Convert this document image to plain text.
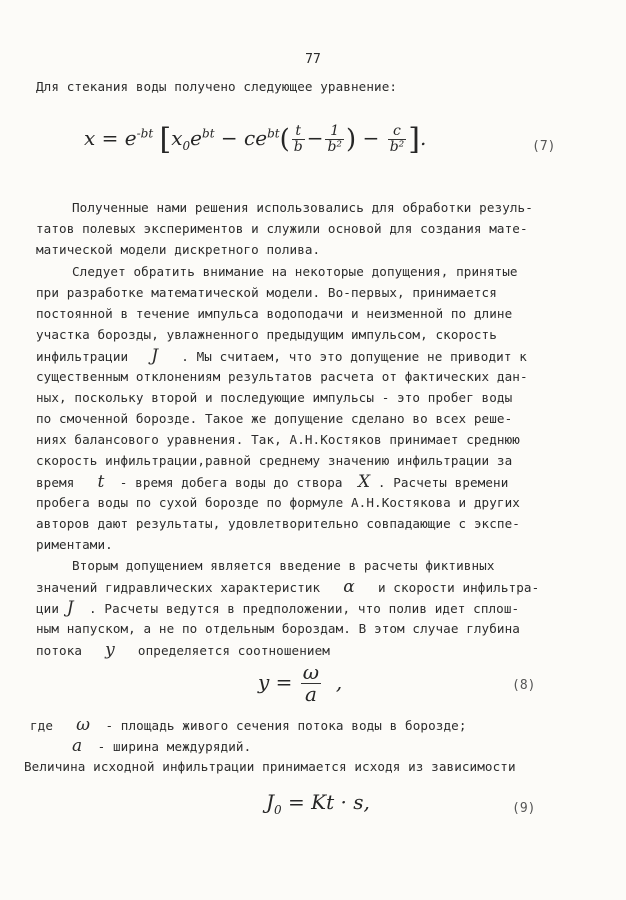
77
Для стекания воды получено следующее уравнение:
$x = e^{-bt}$ [$x_0e^{bt} - ce^{bt}( \frac{t}{b} - \frac{1}{\text{b²}}$ ) − $\frac{c}{\text{b²}}$ ].	(7)
Полученные нами решения использовались для обработки резуль-
татов полевых экспериментов и служили основой для создания мате-
матической модели дискретного полива.
Следует обратить внимание на некоторые допущения, принятые
при разработке математической модели. Во-первых, принимается
постоянной в течение импульса водоподачи и неизменной по длине
участка борозды, увлажненного предыдущим импульсом, скорость
инфильтрации J . Мы считаем, что это допущение не приводит к
существенным отклонениям результатов расчета от фактических дан-
ных, поскольку второй и последующие импульсы - это пробег воды
по смоченной борозде. Такое же допущение сделано во всех реше-
ниях балансового уравнения. Так, А.Н.Костяков принимает среднюю
скорость инфильтрации,равной среднему значению инфильтрации за
время t - время добега воды до створа X . Расчеты времени
пробега воды по сухой борозде по формуле А.Н.Костякова и других
авторов дают результаты, удовлетворительно совпадающие с экспе-
риментами.
Вторым допущением является введение в расчеты фиктивных
значений гидравлических характеристик α и скорости инфильтра-
ции J . Расчеты ведутся в предположении, что полив идет сплош-
ным напуском, а не по отдельным бороздам. В этом случае глубина
потока y определяется соотношением
$y = \frac{\omega}{a}$ ,	(8)
где ω - площадь живого сечения потока воды в борозде;
a - ширина междурядий.
Величина исходной инфильтрации принимается исходя из зависимости
$J_0 = Kt \cdot s$,	(9)
